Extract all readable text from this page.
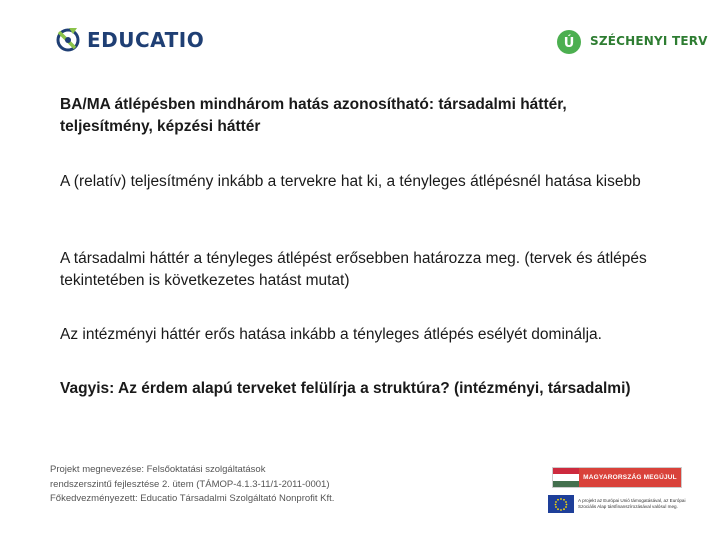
EDUCATIO	Ú SZÉCHENYI TERV

BA/MA átlépésben mindhárom hatás azonosítható: társadalmi háttér, teljesítmény, képzési háttér

A (relatív) teljesítmény inkább a tervekre hat ki, a tényleges átlépésnél hatása kisebb

A társadalmi háttér a tényleges átlépést erősebben határozza meg. (tervek és átlépés tekintetében is következetes hatást mutat)

Az intézményi háttér erős hatása inkább a tényleges átlépés esélyét dominálja.

Vagyis: Az érdem alapú terveket felülírja a struktúra? (intézményi, társadalmi)

Projekt megnevezése: Felsőoktatási szolgáltatások
rendszerszintű fejlesztése 2. ütem (TÁMOP-4.1.3-11/1-2011-0001)
Főkedvezményezett: Educatio Társadalmi Szolgáltató Nonprofit Kft.
MAGYARORSZÁG MEGÚJUL
A projekt az Európai Unió támogatásával, az Európai
Szociális Alap társfinanszírozásával valósul meg.
